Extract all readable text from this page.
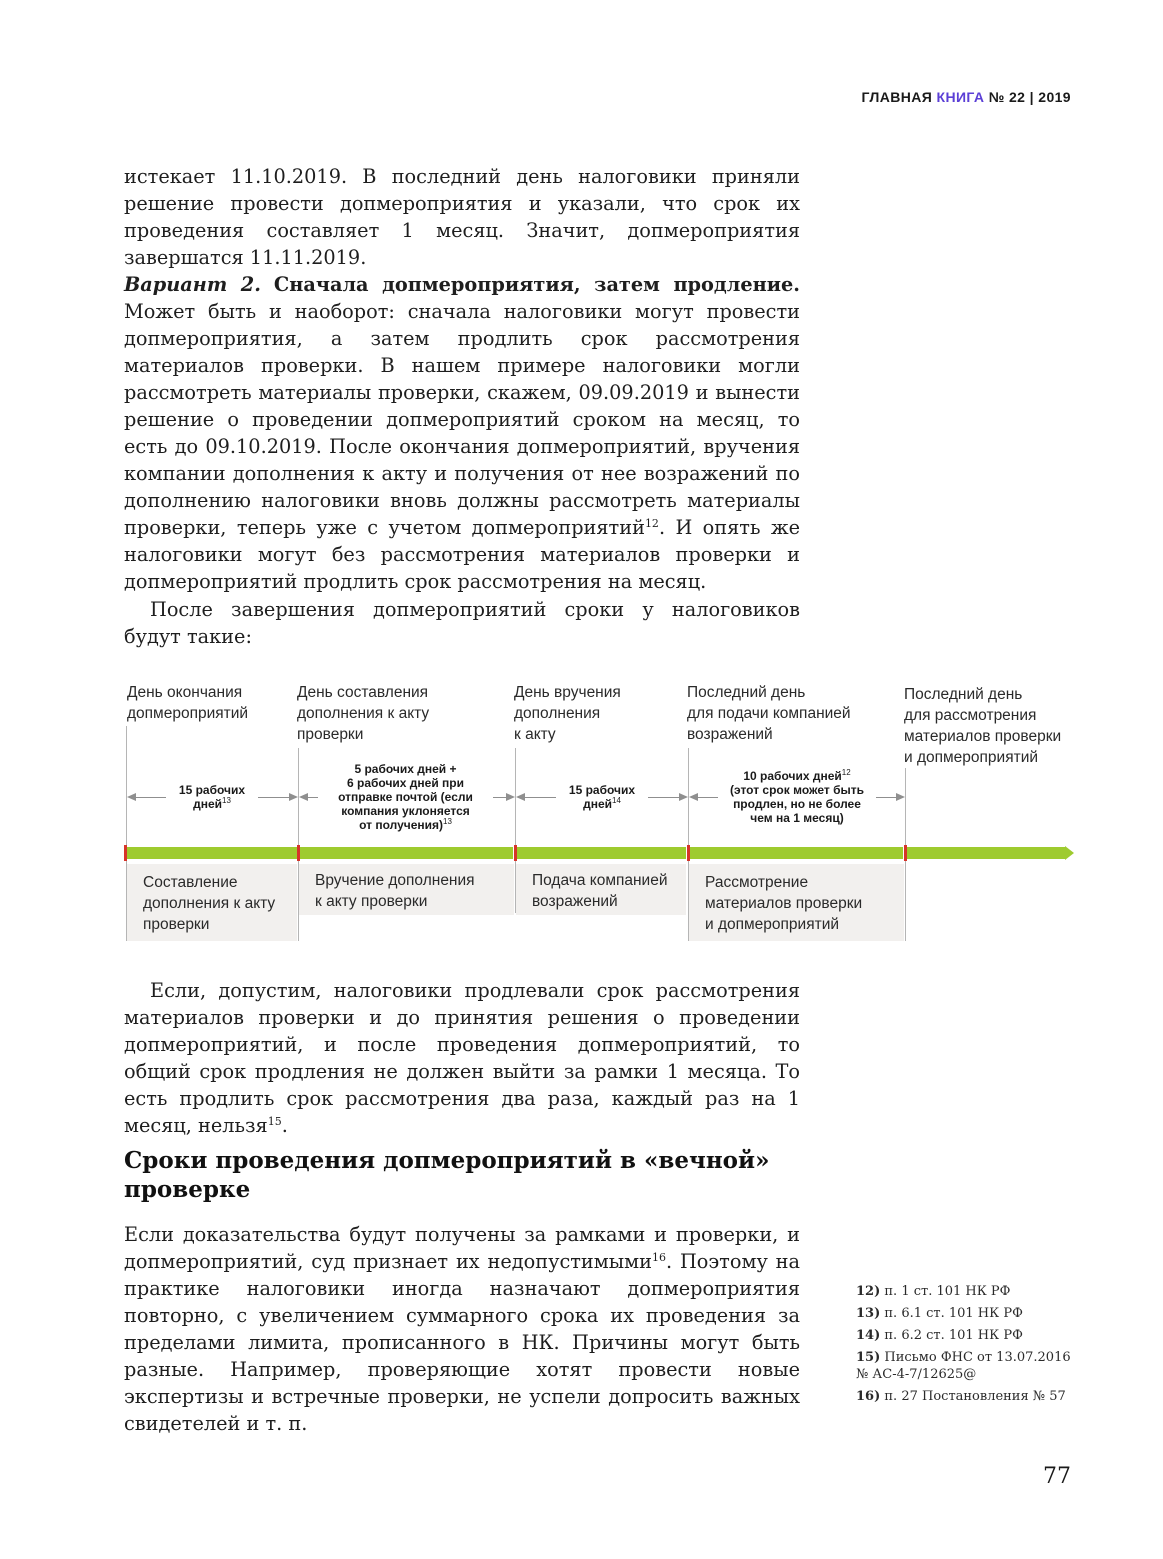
ГЛАВНАЯ КНИГА № 22 | 2019
истекает 11.10.2019. В последний день налоговики приняли решение провести допмероприятия и указали, что срок их проведения составляет 1 месяц. Значит, допмероприятия завершатся 11.11.2019.
Вариант 2. Сначала допмероприятия, затем продление. Может быть и наоборот: сначала налоговики могут провести допмероприятия, а затем продлить срок рассмотрения материалов проверки. В нашем примере налоговики могли рассмотреть материалы проверки, скажем, 09.09.2019 и вынести решение о проведении допмероприятий сроком на месяц, то есть до 09.10.2019. После окончания допмероприятий, вручения компании дополнения к акту и получения от нее возражений по дополнению налоговики вновь должны рассмотреть материалы проверки, теперь уже с учетом допмероприятий$^{12}$. И опять же налоговики могут без рассмотрения материалов проверки и допмероприятий продлить срок рассмотрения на месяц.
После завершения допмероприятий сроки у налоговиков будут такие:
День окончания
допмероприятий
День составления
дополнения к акту
проверки
День вручения
дополнения
к акту
Последний день
для подачи компанией
возражений
Последний день
для рассмотрения
материалов проверки
и допмероприятий
15 рабочих
дней$^{13}$
5 рабочих дней +
6 рабочих дней при
отправке почтой (если
компания уклоняется
от получения)$^{13}$
15 рабочих
дней$^{14}$
10 рабочих дней$^{12}$
(этот срок может быть
продлен, но не более
чем на 1 месяц)
Составление
дополнения к акту
проверки
Вручение дополнения
к акту проверки
Подача компанией
возражений
Рассмотрение
материалов проверки
и допмероприятий
Если, допустим, налоговики продлевали срок рассмотрения материалов проверки и до принятия решения о проведении допмероприятий, и после проведения допмероприятий, то общий срок продления не должен выйти за рамки 1 месяца. То есть продлить срок рассмотрения два раза, каждый раз на 1 месяц, нельзя$^{15}$.
Сроки проведения допмероприятий в «вечной» проверке
Если доказательства будут получены за рамками и проверки, и допмероприятий, суд признает их недопустимыми$^{16}$. Поэтому на практике налоговики иногда назначают допмероприятия повторно, с увеличением суммарного срока их проведения за пределами лимита, прописанного в НК. Причины могут быть разные. Например, проверяющие хотят провести новые экспертизы и встречные проверки, не успели допросить важных свидетелей и т. п.
12) п. 1 ст. 101 НК РФ
13) п. 6.1 ст. 101 НК РФ
14) п. 6.2 ст. 101 НК РФ
15) Письмо ФНС от 13.07.2016 № АС-4-7/12625@
16) п. 27 Постановления № 57
77
